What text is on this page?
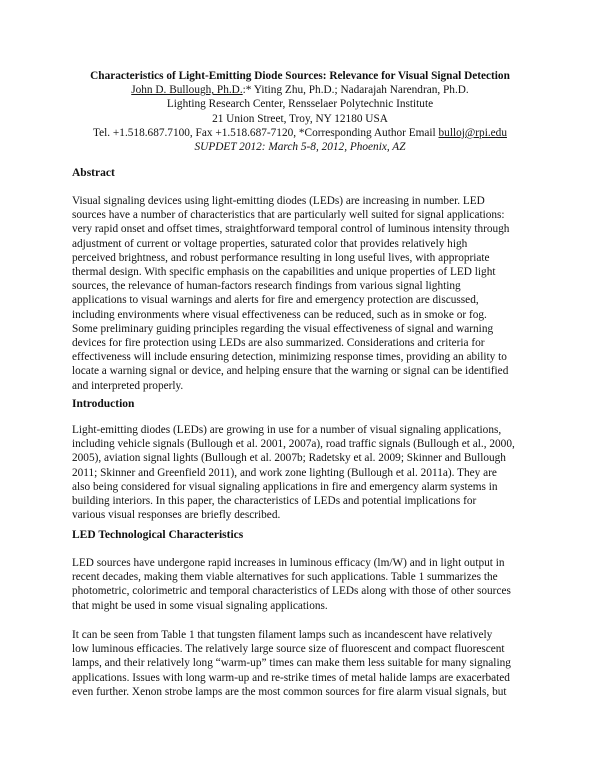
Characteristics of Light-Emitting Diode Sources: Relevance for Visual Signal Detection
John D. Bullough, Ph.D.:* Yiting Zhu, Ph.D.; Nadarajah Narendran, Ph.D.
Lighting Research Center, Rensselaer Polytechnic Institute
21 Union Street, Troy, NY 12180 USA
Tel. +1.518.687.7100, Fax +1.518.687-7120, *Corresponding Author Email bulloj@rpi.edu
SUPDET 2012: March 5-8, 2012, Phoenix, AZ
Abstract
Visual signaling devices using light-emitting diodes (LEDs) are increasing in number. LED
sources have a number of characteristics that are particularly well suited for signal applications:
very rapid onset and offset times, straightforward temporal control of luminous intensity through
adjustment of current or voltage properties, saturated color that provides relatively high
perceived brightness, and robust performance resulting in long useful lives, with appropriate
thermal design. With specific emphasis on the capabilities and unique properties of LED light
sources, the relevance of human-factors research findings from various signal lighting
applications to visual warnings and alerts for fire and emergency protection are discussed,
including environments where visual effectiveness can be reduced, such as in smoke or fog.
Some preliminary guiding principles regarding the visual effectiveness of signal and warning
devices for fire protection using LEDs are also summarized. Considerations and criteria for
effectiveness will include ensuring detection, minimizing response times, providing an ability to
locate a warning signal or device, and helping ensure that the warning or signal can be identified
and interpreted properly.
Introduction
Light-emitting diodes (LEDs) are growing in use for a number of visual signaling applications,
including vehicle signals (Bullough et al. 2001, 2007a), road traffic signals (Bullough et al., 2000,
2005), aviation signal lights (Bullough et al. 2007b; Radetsky et al. 2009; Skinner and Bullough
2011; Skinner and Greenfield 2011), and work zone lighting (Bullough et al. 2011a). They are
also being considered for visual signaling applications in fire and emergency alarm systems in
building interiors. In this paper, the characteristics of LEDs and potential implications for
various visual responses are briefly described.
LED Technological Characteristics
LED sources have undergone rapid increases in luminous efficacy (lm/W) and in light output in
recent decades, making them viable alternatives for such applications. Table 1 summarizes the
photometric, colorimetric and temporal characteristics of LEDs along with those of other sources
that might be used in some visual signaling applications.
It can be seen from Table 1 that tungsten filament lamps such as incandescent have relatively
low luminous efficacies. The relatively large source size of fluorescent and compact fluorescent
lamps, and their relatively long “warm-up” times can make them less suitable for many signaling
applications. Issues with long warm-up and re-strike times of metal halide lamps are exacerbated
even further. Xenon strobe lamps are the most common sources for fire alarm visual signals, but
